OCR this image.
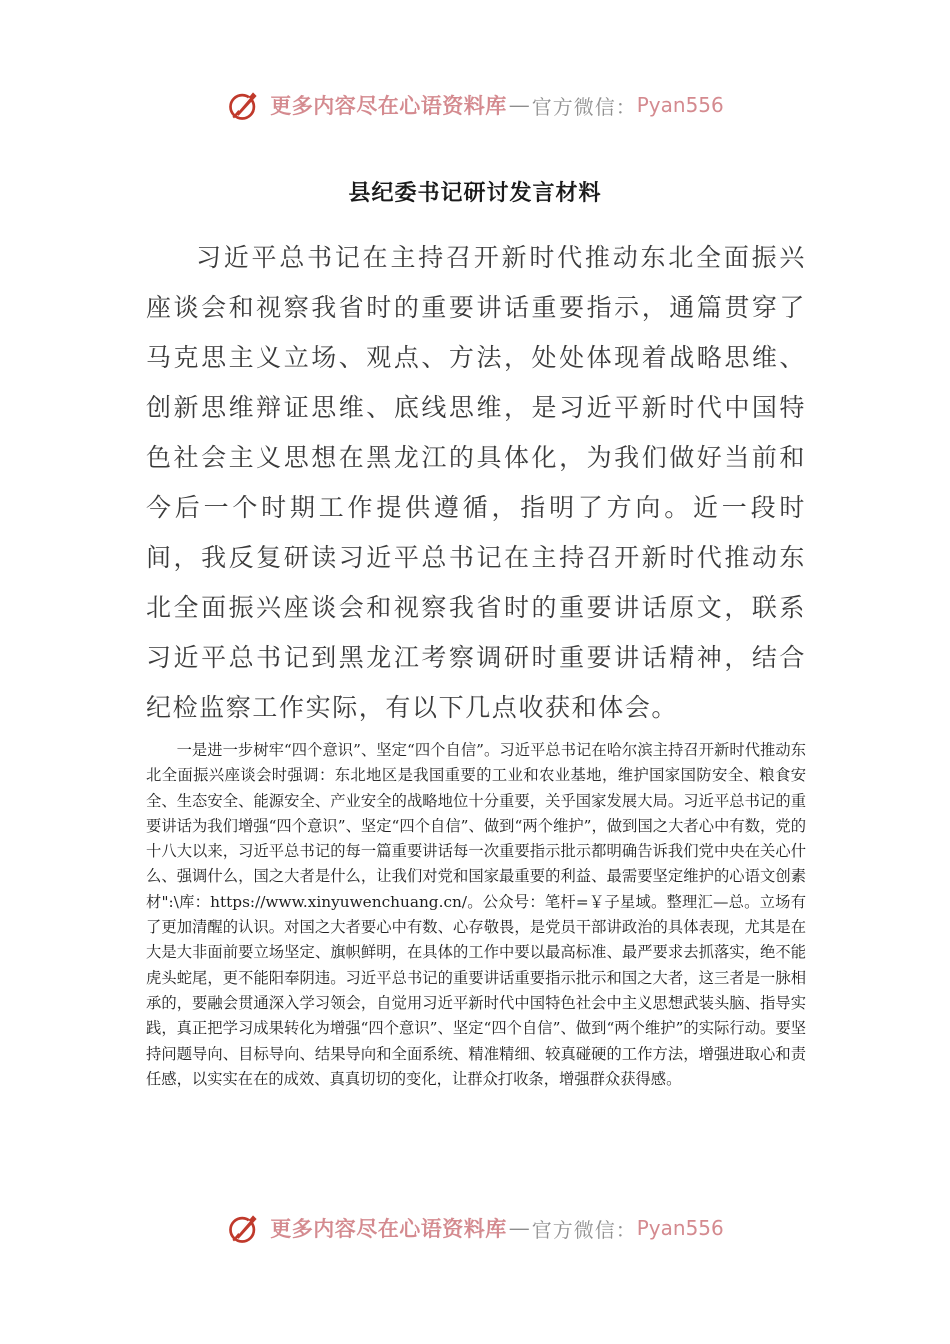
更多内容尽在心语资料库 — 官方微信： Pyan556
县纪委书记研讨发言材料

习近平总书记在主持召开新时代推动东北全面振兴座谈会和视察我省时的重要讲话重要指示，通篇贯穿了马克思主义立场、观点、方法，处处体现着战略思维、创新思维辩证思维、底线思维，是习近平新时代中国特色社会主义思想在黑龙江的具体化，为我们做好当前和今后一个时期工作提供遵循，指明了方向。近一段时间，我反复研读习近平总书记在主持召开新时代推动东北全面振兴座谈会和视察我省时的重要讲话原文，联系习近平总书记到黑龙江考察调研时重要讲话精神，结合纪检监察工作实际，有以下几点收获和体会。

一是进一步树牢“四个意识”、坚定“四个自信”。习近平总书记在哈尔滨主持召开新时代推动东北全面振兴座谈会时强调：东北地区是我国重要的工业和农业基地，维护国家国防安全、粮食安全、生态安全、能源安全、产业安全的战略地位十分重要，关乎国家发展大局。习近平总书记的重要讲话为我们增强“四个意识”、坚定“四个自信”、做到“两个维护”，做到国之大者心中有数，党的十八大以来，习近平总书记的每一篇重要讲话每一次重要指示批示都明确告诉我们党中央在关心什么、强调什么，国之大者是什么，让我们对党和国家最重要的利益、最需要坚定维护的心语文创素材":\库：https://www.xinyuwenchuang.cn/。公众号：笔杆=￥子星域。整理汇—总。立场有了更加清醒的认识。对国之大者要心中有数、心存敬畏，是党员干部讲政治的具体表现，尤其是在大是大非面前要立场坚定、旗帜鲜明，在具体的工作中要以最高标准、最严要求去抓落实，绝不能虎头蛇尾，更不能阳奉阴违。习近平总书记的重要讲话重要指示批示和国之大者，这三者是一脉相承的，要融会贯通深入学习领会，自觉用习近平新时代中国特色社会中主义思想武装头脑、指导实践，真正把学习成果转化为增强“四个意识”、坚定“四个自信”、做到“两个维护”的实际行动。要坚持问题导向、目标导向、结果导向和全面系统、精准精细、较真碰硬的工作方法，增强进取心和责任感，以实实在在的成效、真真切切的变化，让群众打收条，增强群众获得感。

更多内容尽在心语资料库 — 官方微信： Pyan556
